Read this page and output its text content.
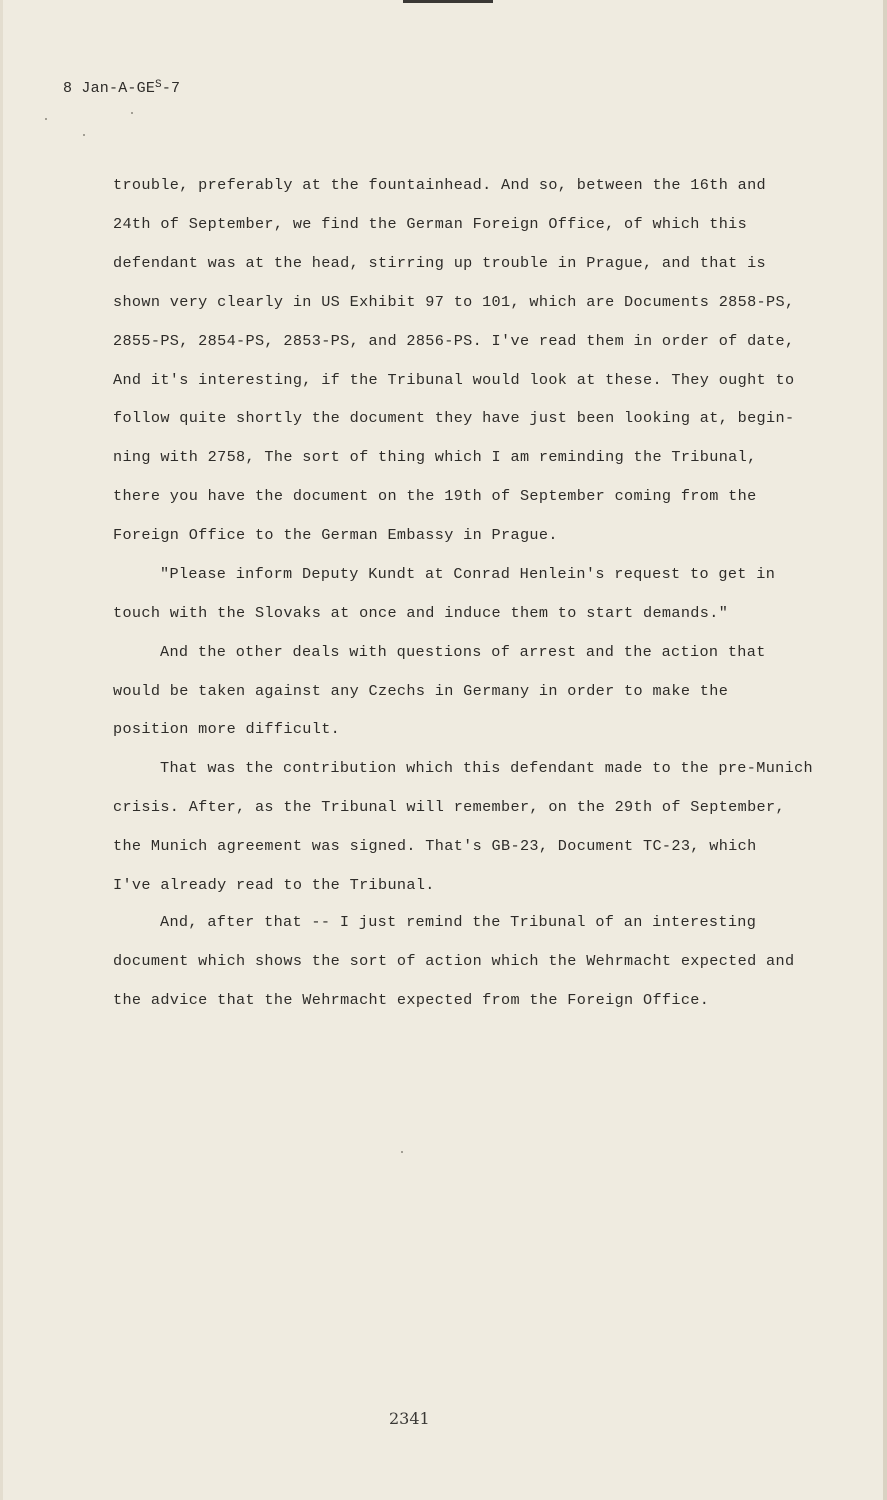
8 Jan-$A-GE^S-7$
trouble, preferably at the fountainhead. And so, between the 16th and
24th of September, we find the German Foreign Office, of which this
defendant was at the head, stirring up trouble in Prague, and that is
shown very clearly in US Exhibit 97 to 101, which are Documents 2858-PS,
2855-PS, 2854-PS, 2853-PS, and 2856-PS. I've read them in order of date,
And it's interesting, if the Tribunal would look at these. They ought to
follow quite shortly the document they have just been looking at, begin-
ning with 2758, The sort of thing which I am reminding the Tribunal,
there you have the document on the 19th of September coming from the
Foreign Office to the German Embassy in Prague.
"Please inform Deputy Kundt at Conrad Henlein's request to get in
touch with the Slovaks at once and induce them to start demands."
And the other deals with questions of arrest and the action that
would be taken against any Czechs in Germany in order to make the
position more difficult.
That was the contribution which this defendant made to the pre-Munich
crisis. After, as the Tribunal will remember, on the 29th of September,
the Munich agreement was signed. That's GB-23, Document TC-23, which
I've already read to the Tribunal.
And, after that -- I just remind the Tribunal of an interesting
document which shows the sort of action which the Wehrmacht expected and
the advice that the Wehrmacht expected from the Foreign Office.
2341
